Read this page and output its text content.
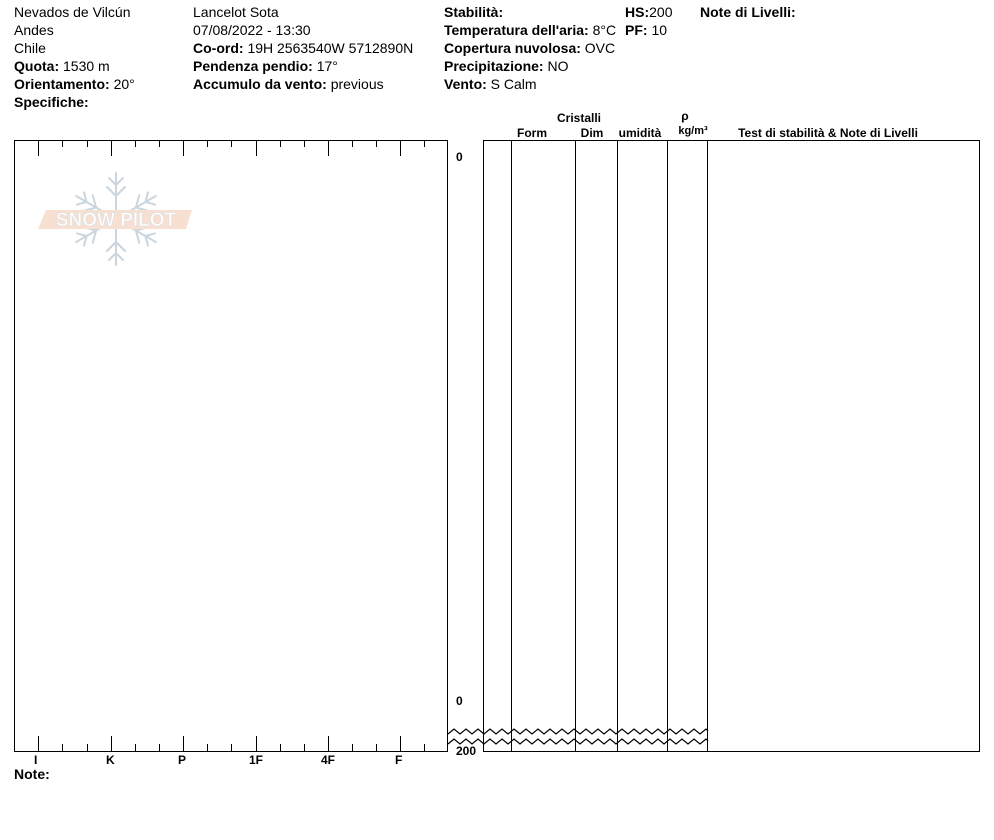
Nevados de Vilcún
Andes
Chile
Quota: 1530 m
Orientamento: 20°
Specifiche:
Lancelot Sota
07/08/2022 - 13:30
Co-ord: 19H 2563540W 5712890N
Pendenza pendio: 17°
Accumulo da vento: previous
Stabilità:
Temperatura dell'aria: 8°C
Copertura nuvolosa: OVC
Precipitazione: NO
Vento: S Calm
HS:200
PF: 10
Note di Livelli:
Cristalli
Form	Dim	umidità
ρ
kg/m³	Test di stabilità & Note di Livelli
SNOW PILOT
0
0
200
I	K	P	1F	4F	F
Note:
